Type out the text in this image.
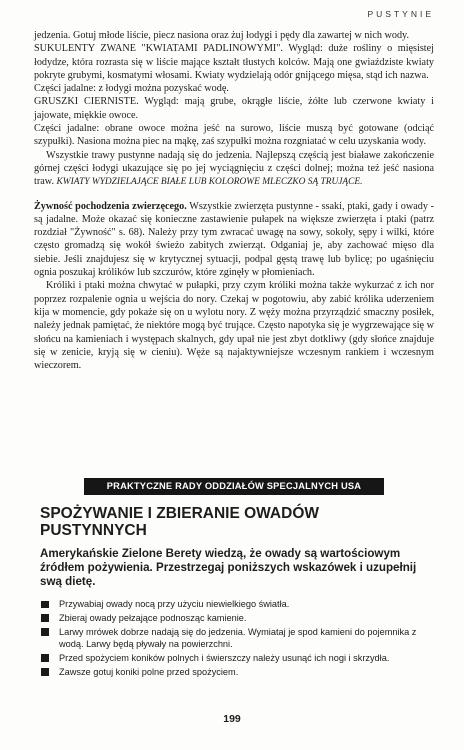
PUSTYNIE

jedzenia. Gotuj młode liście, piecz nasiona oraz żuj łodygi i pędy dla zawartej w nich wody.

SUKULENTY ZWANE "KWIATAMI PADLINOWYMI". Wygląd: duże rośliny o mięsistej łodydze, która rozrasta się w liście mające kształt tłustych kolców. Mają one gwiaździste kwiaty pokryte grubymi, kosmatymi włosami. Kwiaty wydzielają odór gnijącego mięsa, stąd ich nazwa.

Części jadalne: z łodygi można pozyskać wodę.

GRUSZKI CIERNISTE. Wygląd: mają grube, okrągłe liście, żółte lub czerwone kwiaty i jajowate, miękkie owoce.

Części jadalne: obrane owoce można jeść na surowo, liście muszą być gotowane (odciąć szypułki). Nasiona można piec na mąkę, zaś szypułki można rozgniatać w celu uzyskania wody.

Wszystkie trawy pustynne nadają się do jedzenia. Najlepszą częścią jest białawe zakończenie górnej części łodygi ukazujące się po jej wyciągnięciu z części dolnej; można też jeść nasiona traw. KWIATY WYDZIELAJĄCE BIAŁE LUB KOLOROWE MLECZKO SĄ TRUJĄCE.

Żywność pochodzenia zwierzęcego. Wszystkie zwierzęta pustynne - ssaki, ptaki, gady i owady - są jadalne. Może okazać się konieczne zastawienie pułapek na większe zwierzęta i ptaki (patrz rozdział "Żywność" s. 68). Należy przy tym zwracać uwagę na sowy, sokoły, sępy i wilki, które często gromadzą się wokół świeżo zabitych zwierząt. Odganiaj je, aby zachować mięso dla siebie. Jeśli znajdujesz się w krytycznej sytuacji, podpal gęstą trawę lub bylicę; po ugaśnięciu ognia poszukaj królików lub szczurów, które zginęły w płomieniach.

Króliki i ptaki można chwytać w pułapki, przy czym króliki można także wykurzać z ich nor poprzez rozpalenie ognia u wejścia do nory. Czekaj w pogotowiu, aby zabić królika uderzeniem kija w momencie, gdy pokaże się on u wylotu nory. Z węży można przyrządzić smaczny posiłek, należy jednak pamiętać, że niektóre mogą być trujące. Często napotyka się je wygrzewające się w słońcu na kamieniach i występach skalnych, gdy upał nie jest zbyt dotkliwy (gdy słońce znajduje się w zenicie, kryją się w cieniu). Węże są najaktywniejsze wczesnym rankiem i wczesnym wieczorem.

PRAKTYCZNE RADY ODDZIAŁÓW SPECJALNYCH USA
SPOŻYWANIE I ZBIERANIE OWADÓW PUSTYNNYCH
Amerykańskie Zielone Berety wiedzą, że owady są wartościowym źródłem pożywienia. Przestrzegaj poniższych wskazówek i uzupełnij swą dietę.
Przywabiaj owady nocą przy użyciu niewielkiego światła.
Zbieraj owady pełzające podnosząc kamienie.
Larwy mrówek dobrze nadają się do jedzenia. Wymiataj je spod kamieni do pojemnika z wodą. Larwy będą pływały na powierzchni.
Przed spożyciem koników polnych i świerszczy należy usunąć ich nogi i skrzydła.
Zawsze gotuj koniki polne przed spożyciem.
199
